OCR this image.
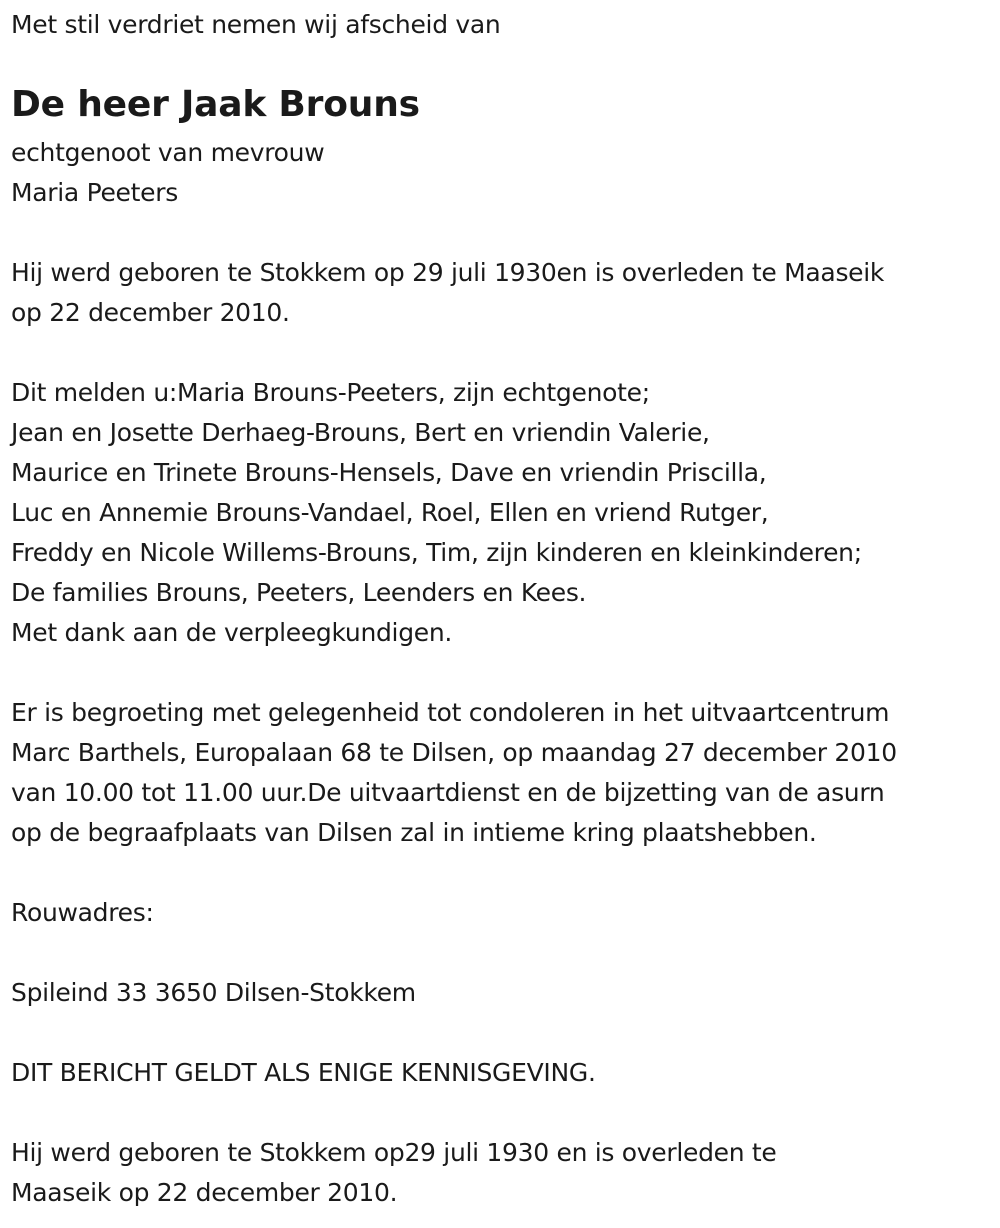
Met stil verdriet nemen wij afscheid van
De heer Jaak Brouns
echtgenoot van mevrouw
Maria Peeters
Hij werd geboren te Stokkem op 29 juli 1930en is overleden te Maaseik
op 22 december 2010.
Dit melden u:Maria Brouns-Peeters, zijn echtgenote;
Jean en Josette Derhaeg-Brouns, Bert en vriendin Valerie,
Maurice en Trinete Brouns-Hensels, Dave en vriendin Priscilla,
Luc en Annemie Brouns-Vandael, Roel, Ellen en vriend Rutger,
Freddy en Nicole Willems-Brouns, Tim, zijn kinderen en kleinkinderen;
De families Brouns, Peeters, Leenders en Kees.
Met dank aan de verpleegkundigen.
Er is begroeting met gelegenheid tot condoleren in het uitvaartcentrum
Marc Barthels, Europalaan 68 te Dilsen, op maandag 27 december 2010
van 10.00 tot 11.00 uur.De uitvaartdienst en de bijzetting van de asurn
op de begraafplaats van Dilsen zal in intieme kring plaatshebben.
Rouwadres:
Spileind 33 3650 Dilsen-Stokkem
DIT BERICHT GELDT ALS ENIGE KENNISGEVING.
Hij werd geboren te Stokkem op29 juli 1930 en is overleden te
Maaseik op 22 december 2010.
